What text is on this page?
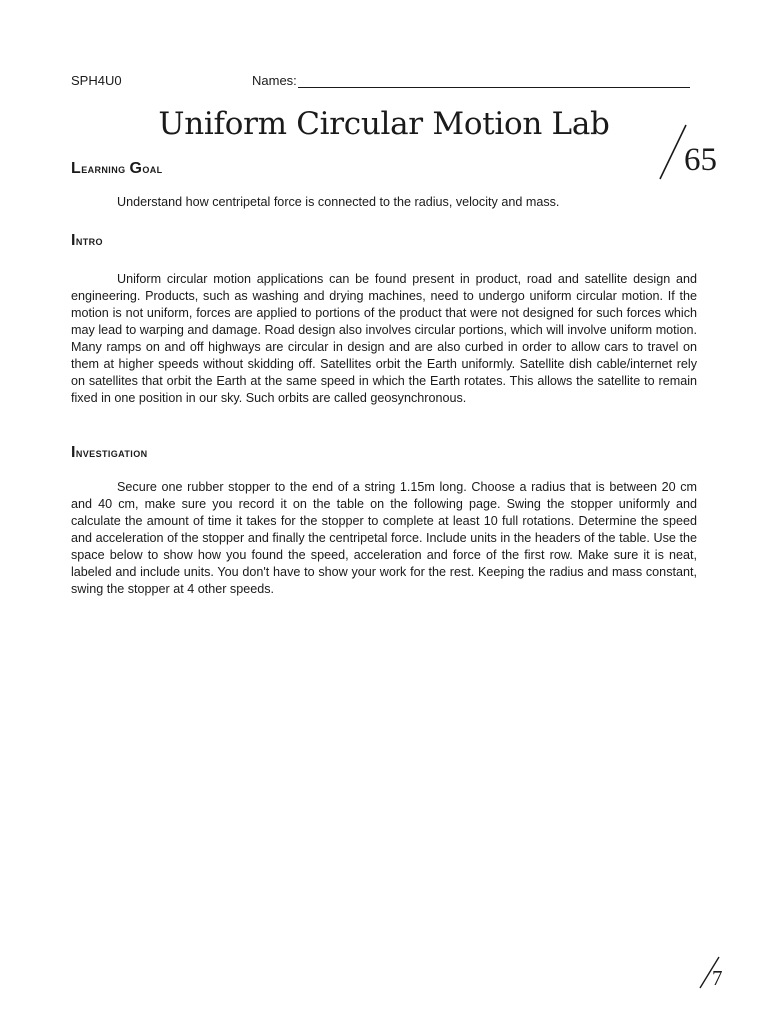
SPH4U0	Names:
Uniform Circular Motion Lab
65
Learning Goal

Understand how centripetal force is connected to the radius, velocity and mass.

Intro

Uniform circular motion applications can be found present in product, road and satellite design and engineering. Products, such as washing and drying machines, need to undergo uniform circular motion. If the motion is not uniform, forces are applied to portions of the product that were not designed for such forces which may lead to warping and damage. Road design also involves circular portions, which will involve uniform motion. Many ramps on and off highways are circular in design and are also curbed in order to allow cars to travel on them at higher speeds without skidding off. Satellites orbit the Earth uniformly. Satellite dish cable/internet rely on satellites that orbit the Earth at the same speed in which the Earth rotates. This allows the satellite to remain fixed in one position in our sky. Such orbits are called geosynchronous.

Investigation

Secure one rubber stopper to the end of a string 1.15m long. Choose a radius that is between 20 cm and 40 cm, make sure you record it on the table on the following page. Swing the stopper uniformly and calculate the amount of time it takes for the stopper to complete at least 10 full rotations. Determine the speed and acceleration of the stopper and finally the centripetal force. Include units in the headers of the table. Use the space below to show how you found the speed, acceleration and force of the first row. Make sure it is neat, labeled and include units. You don't have to show your work for the rest. Keeping the radius and mass constant, swing the stopper at 4 other speeds.

7
